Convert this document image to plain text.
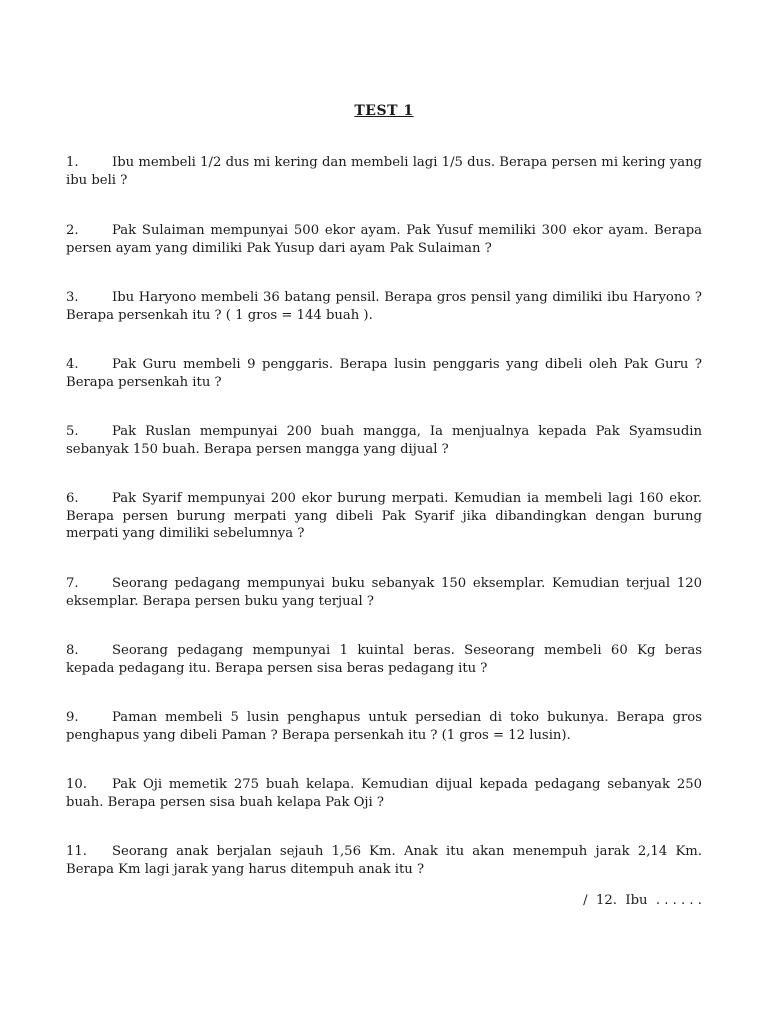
TEST 1
1.	Ibu membeli 1/2 dus mi kering dan membeli lagi 1/5 dus. Berapa persen mi kering yang ibu beli ?
2.	Pak Sulaiman mempunyai 500 ekor ayam. Pak Yusuf memiliki 300 ekor ayam. Berapa persen ayam yang dimiliki Pak Yusup dari ayam Pak Sulaiman ?
3.	Ibu Haryono membeli 36 batang pensil. Berapa gros pensil yang dimiliki ibu Haryono ? Berapa persenkah itu ? ( 1 gros = 144 buah ).
4.	Pak Guru membeli 9 penggaris. Berapa lusin penggaris yang dibeli oleh Pak Guru ? Berapa persenkah itu ?
5.	Pak Ruslan mempunyai 200 buah mangga, Ia menjualnya kepada Pak Syamsudin sebanyak 150 buah. Berapa persen mangga yang dijual ?
6.	Pak Syarif mempunyai 200 ekor burung merpati. Kemudian ia membeli lagi 160 ekor. Berapa persen burung merpati yang dibeli Pak Syarif jika dibandingkan dengan burung merpati yang dimiliki sebelumnya ?
7.	Seorang pedagang mempunyai buku sebanyak 150 eksemplar. Kemudian terjual 120 eksemplar. Berapa persen buku yang terjual ?
8.	Seorang pedagang mempunyai 1 kuintal beras. Seseorang membeli 60 Kg beras kepada pedagang itu. Berapa persen sisa beras pedagang itu ?
9.	Paman membeli 5 lusin penghapus untuk persedian di toko bukunya. Berapa gros penghapus yang dibeli Paman ? Berapa persenkah itu ? (1 gros = 12 lusin).
10. Pak Oji memetik 275 buah kelapa. Kemudian dijual kepada pedagang sebanyak 250 buah. Berapa persen sisa buah kelapa Pak Oji ?
11. Seorang anak berjalan sejauh 1,56 Km. Anak itu akan menempuh jarak 2,14 Km. Berapa Km lagi jarak yang harus ditempuh anak itu ?
/  12.  Ibu  . . . . . .
